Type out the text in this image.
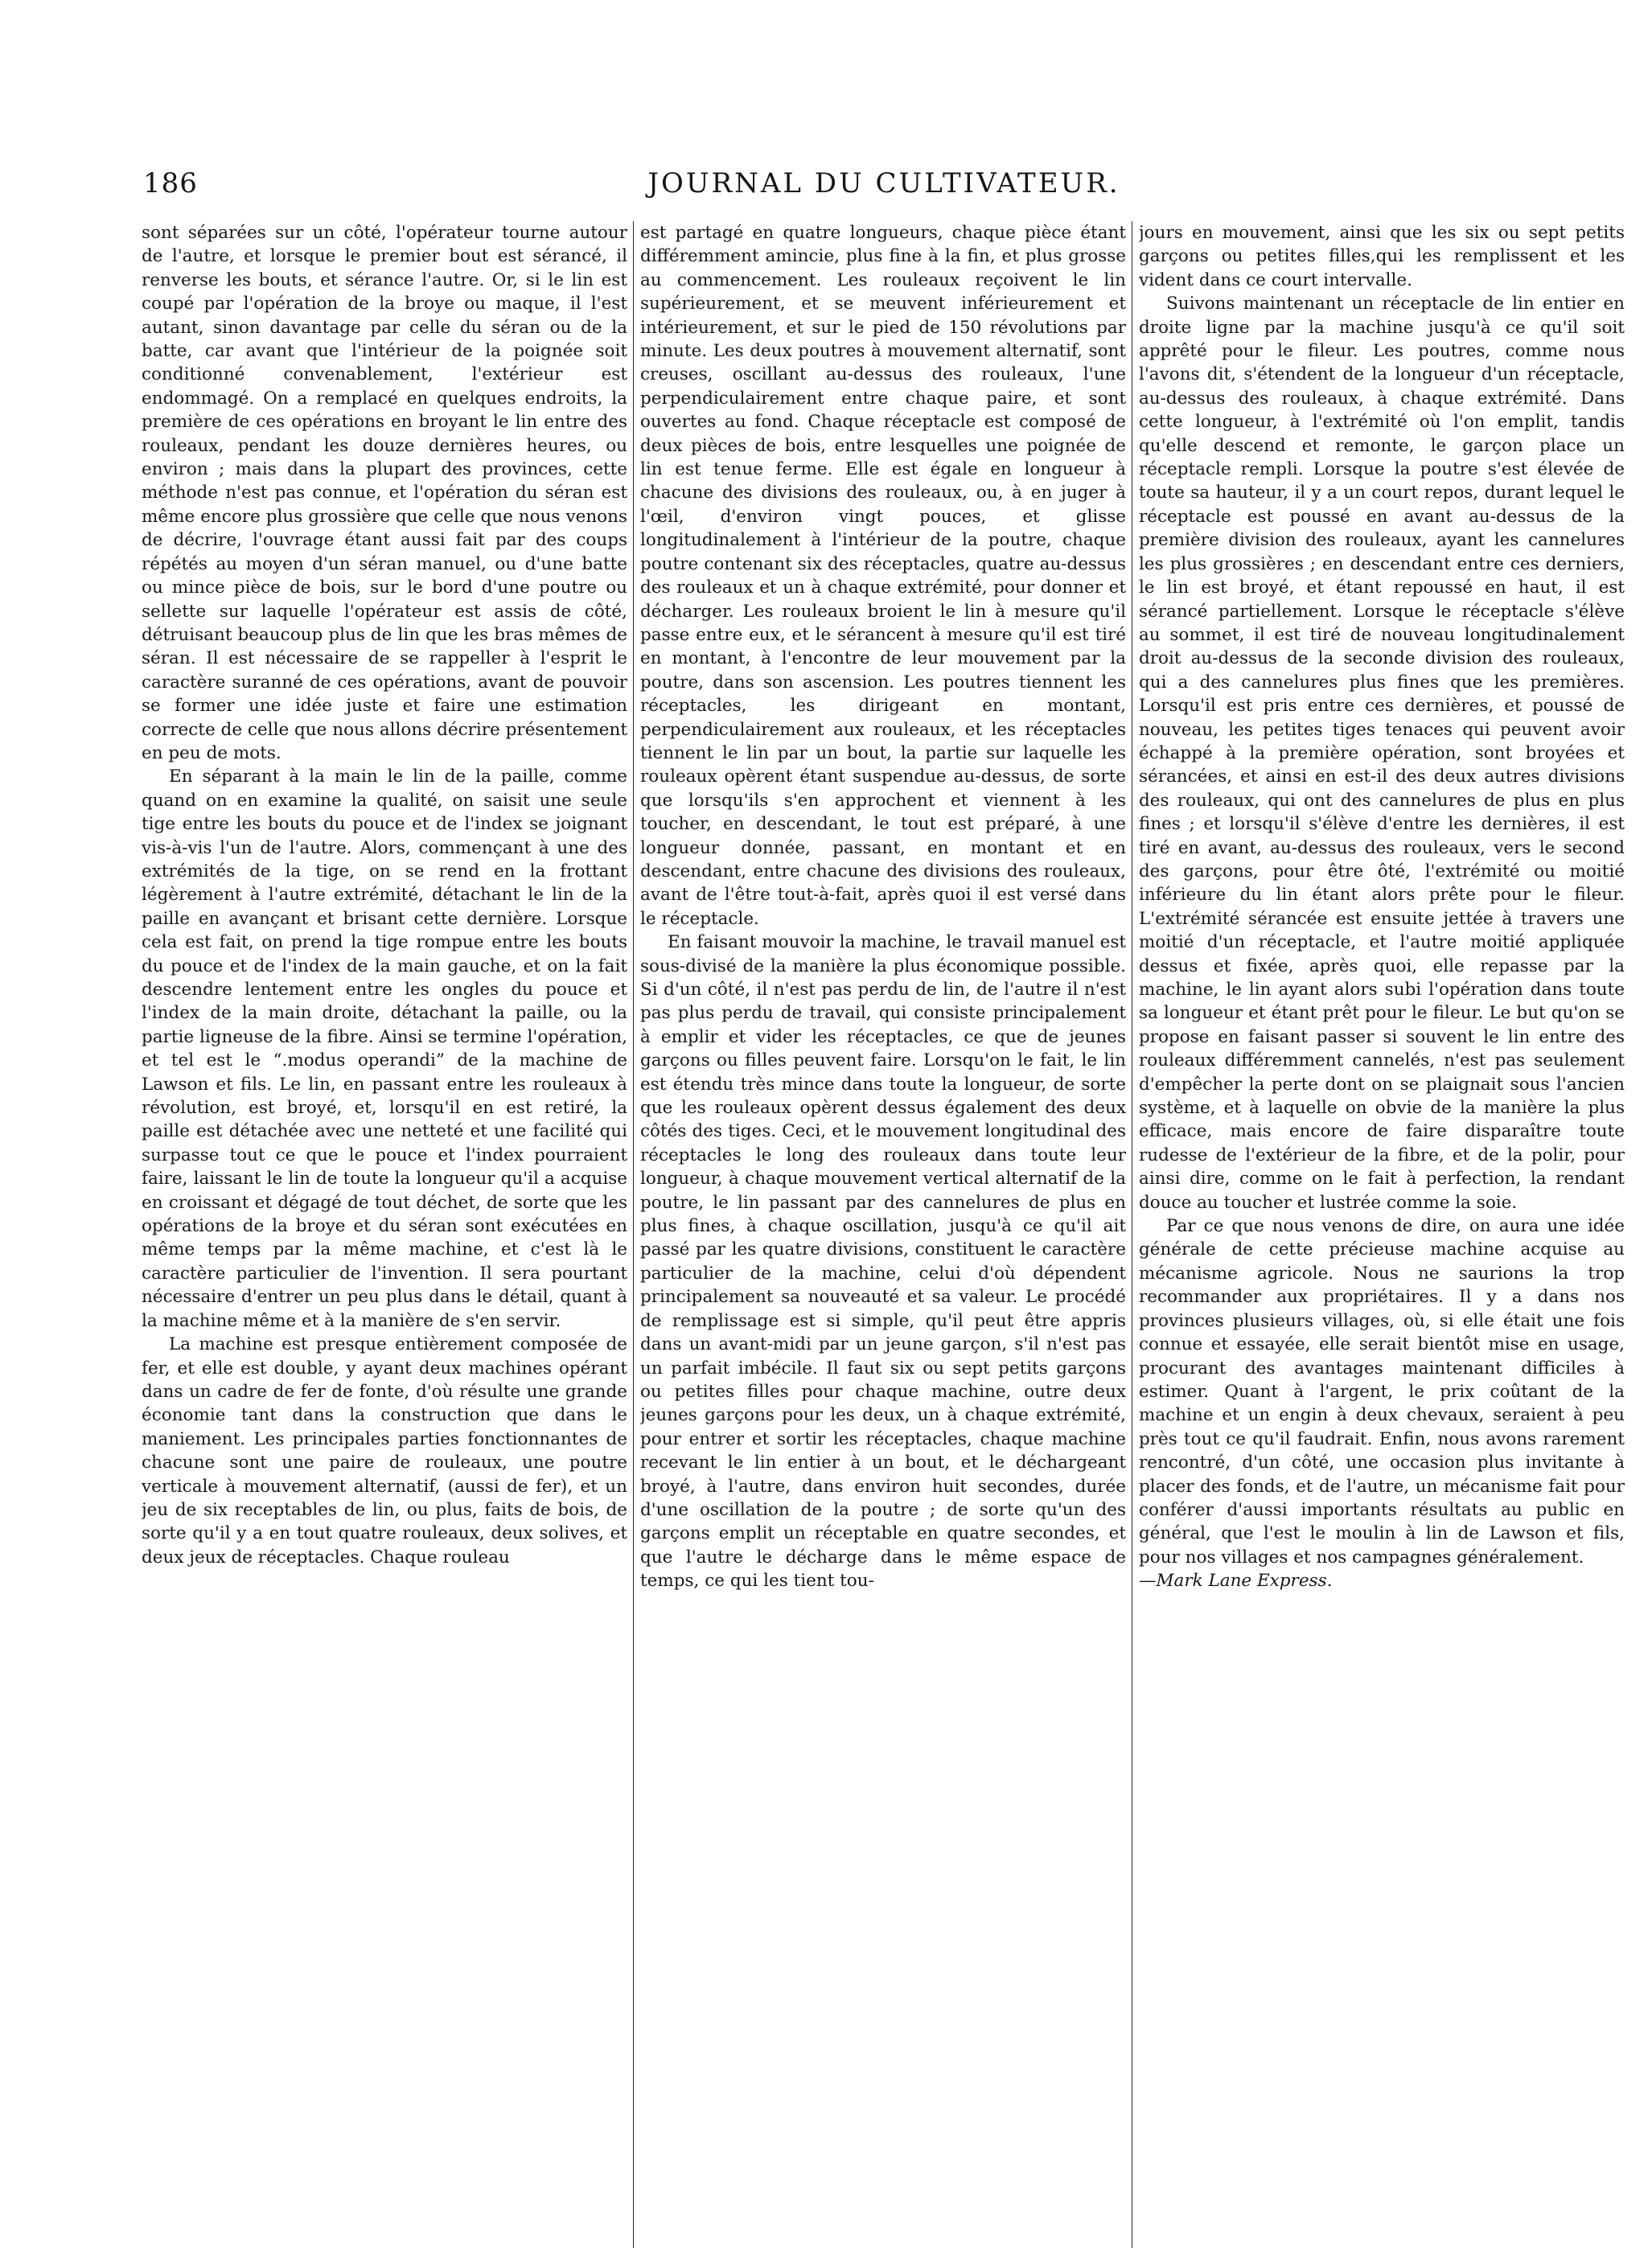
186	JOURNAL DU CULTIVATEUR.

sont séparées sur un côté, l'opérateur tourne autour de l'autre, et lorsque le premier bout est sérancé, il renverse les bouts, et sérance l'autre. Or, si le lin est coupé par l'opération de la broye ou maque, il l'est autant, sinon davantage par celle du séran ou de la batte, car avant que l'intérieur de la poignée soit conditionné convenablement, l'extérieur est endommagé. On a remplacé en quelques endroits, la première de ces opérations en broyant le lin entre des rouleaux, pendant les douze dernières heures, ou environ ; mais dans la plupart des provinces, cette méthode n'est pas connue, et l'opération du séran est même encore plus grossière que celle que nous venons de décrire, l'ouvrage étant aussi fait par des coups répétés au moyen d'un séran manuel, ou d'une batte ou mince pièce de bois, sur le bord d'une poutre ou sellette sur laquelle l'opérateur est assis de côté, détruisant beaucoup plus de lin que les bras mêmes de séran. Il est nécessaire de se rappeller à l'esprit le caractère suranné de ces opérations, avant de pouvoir se former une idée juste et faire une estimation correcte de celle que nous allons décrire présentement en peu de mots.

En séparant à la main le lin de la paille, comme quand on en examine la qualité, on saisit une seule tige entre les bouts du pouce et de l'index se joignant vis-à-vis l'un de l'autre. Alors, commençant à une des extrémités de la tige, on se rend en la frottant légèrement à l'autre extrémité, détachant le lin de la paille en avançant et brisant cette dernière. Lorsque cela est fait, on prend la tige rompue entre les bouts du pouce et de l'index de la main gauche, et on la fait descendre lentement entre les ongles du pouce et l'index de la main droite, détachant la paille, ou la partie ligneuse de la fibre. Ainsi se termine l'opération, et tel est le “.modus operandi” de la machine de Lawson et fils. Le lin, en passant entre les rouleaux à révolution, est broyé, et, lorsqu'il en est retiré, la paille est détachée avec une netteté et une facilité qui surpasse tout ce que le pouce et l'index pourraient faire, laissant le lin de toute la longueur qu'il a acquise en croissant et dégagé de tout déchet, de sorte que les opérations de la broye et du séran sont exécutées en même temps par la même machine, et c'est là le caractère particulier de l'invention. Il sera pourtant nécessaire d'entrer un peu plus dans le détail, quant à la machine même et à la manière de s'en servir.

La machine est presque entièrement composée de fer, et elle est double, y ayant deux machines opérant dans un cadre de fer de fonte, d'où résulte une grande économie tant dans la construction que dans le maniement. Les principales parties fonctionnantes de chacune sont une paire de rouleaux, une poutre verticale à mouvement alternatif, (aussi de fer), et un jeu de six receptables de lin, ou plus, faits de bois, de sorte qu'il y a en tout quatre rouleaux, deux solives, et deux jeux de réceptacles. Chaque rouleau

est partagé en quatre longueurs, chaque pièce étant différemment amincie, plus fine à la fin, et plus grosse au commencement. Les rouleaux reçoivent le lin supérieurement, et se meuvent inférieurement et intérieurement, et sur le pied de 150 révolutions par minute. Les deux poutres à mouvement alternatif, sont creuses, oscillant au-dessus des rouleaux, l'une perpendiculairement entre chaque paire, et sont ouvertes au fond. Chaque réceptacle est composé de deux pièces de bois, entre lesquelles une poignée de lin est tenue ferme. Elle est égale en longueur à chacune des divisions des rouleaux, ou, à en juger à l'œil, d'environ vingt pouces, et glisse longitudinalement à l'intérieur de la poutre, chaque poutre contenant six des réceptacles, quatre au-dessus des rouleaux et un à chaque extrémité, pour donner et décharger. Les rouleaux broient le lin à mesure qu'il passe entre eux, et le sérancent à mesure qu'il est tiré en montant, à l'encontre de leur mouvement par la poutre, dans son ascension. Les poutres tiennent les réceptacles, les dirigeant en montant, perpendiculairement aux rouleaux, et les réceptacles tiennent le lin par un bout, la partie sur laquelle les rouleaux opèrent étant suspendue au-dessus, de sorte que lorsqu'ils s'en approchent et viennent à les toucher, en descendant, le tout est préparé, à une longueur donnée, passant, en montant et en descendant, entre chacune des divisions des rouleaux, avant de l'être tout-à-fait, après quoi il est versé dans le réceptacle.

En faisant mouvoir la machine, le travail manuel est sous-divisé de la manière la plus économique possible. Si d'un côté, il n'est pas perdu de lin, de l'autre il n'est pas plus perdu de travail, qui consiste principalement à emplir et vider les réceptacles, ce que de jeunes garçons ou filles peuvent faire. Lorsqu'on le fait, le lin est étendu très mince dans toute la longueur, de sorte que les rouleaux opèrent dessus également des deux côtés des tiges. Ceci, et le mouvement longitudinal des réceptacles le long des rouleaux dans toute leur longueur, à chaque mouvement vertical alternatif de la poutre, le lin passant par des cannelures de plus en plus fines, à chaque oscillation, jusqu'à ce qu'il ait passé par les quatre divisions, constituent le caractère particulier de la machine, celui d'où dépendent principalement sa nouveauté et sa valeur. Le procédé de remplissage est si simple, qu'il peut être appris dans un avant-midi par un jeune garçon, s'il n'est pas un parfait imbécile. Il faut six ou sept petits garçons ou petites filles pour chaque machine, outre deux jeunes garçons pour les deux, un à chaque extrémité, pour entrer et sortir les réceptacles, chaque machine recevant le lin entier à un bout, et le déchargeant broyé, à l'autre, dans environ huit secondes, durée d'une oscillation de la poutre ; de sorte qu'un des garçons emplit un réceptable en quatre secondes, et que l'autre le décharge dans le même espace de temps, ce qui les tient tou-

jours en mouvement, ainsi que les six ou sept petits garçons ou petites filles,qui les remplissent et les vident dans ce court intervalle.

Suivons maintenant un réceptacle de lin entier en droite ligne par la machine jusqu'à ce qu'il soit apprêté pour le fileur. Les poutres, comme nous l'avons dit, s'étendent de la longueur d'un réceptacle, au-dessus des rouleaux, à chaque extrémité. Dans cette longueur, à l'extrémité où l'on emplit, tandis qu'elle descend et remonte, le garçon place un réceptacle rempli. Lorsque la poutre s'est élevée de toute sa hauteur, il y a un court repos, durant lequel le réceptacle est poussé en avant au-dessus de la première division des rouleaux, ayant les cannelures les plus grossières ; en descendant entre ces derniers, le lin est broyé, et étant repoussé en haut, il est sérancé partiellement. Lorsque le réceptacle s'élève au sommet, il est tiré de nouveau longitudinalement droit au-dessus de la seconde division des rouleaux, qui a des cannelures plus fines que les premières. Lorsqu'il est pris entre ces dernières, et poussé de nouveau, les petites tiges tenaces qui peuvent avoir échappé à la première opération, sont broyées et sérancées, et ainsi en est-il des deux autres divisions des rouleaux, qui ont des cannelures de plus en plus fines ; et lorsqu'il s'élève d'entre les dernières, il est tiré en avant, au-dessus des rouleaux, vers le second des garçons, pour être ôté, l'extrémité ou moitié inférieure du lin étant alors prête pour le fileur. L'extrémité sérancée est ensuite jettée à travers une moitié d'un réceptacle, et l'autre moitié appliquée dessus et fixée, après quoi, elle repasse par la machine, le lin ayant alors subi l'opération dans toute sa longueur et étant prêt pour le fileur. Le but qu'on se propose en faisant passer si souvent le lin entre des rouleaux différemment cannelés, n'est pas seulement d'empêcher la perte dont on se plaignait sous l'ancien système, et à laquelle on obvie de la manière la plus efficace, mais encore de faire disparaître toute rudesse de l'extérieur de la fibre, et de la polir, pour ainsi dire, comme on le fait à perfection, la rendant douce au toucher et lustrée comme la soie.

Par ce que nous venons de dire, on aura une idée générale de cette précieuse machine acquise au mécanisme agricole. Nous ne saurions la trop recommander aux propriétaires. Il y a dans nos provinces plusieurs villages, où, si elle était une fois connue et essayée, elle serait bientôt mise en usage, procurant des avantages maintenant difficiles à estimer. Quant à l'argent, le prix coûtant de la machine et un engin à deux chevaux, seraient à peu près tout ce qu'il faudrait. Enfin, nous avons rarement rencontré, d'un côté, une occasion plus invitante à placer des fonds, et de l'autre, un mécanisme fait pour conférer d'aussi importants résultats au public en général, que l'est le moulin à lin de Lawson et fils, pour nos villages et nos campagnes généralement.

—Mark Lane Express.
